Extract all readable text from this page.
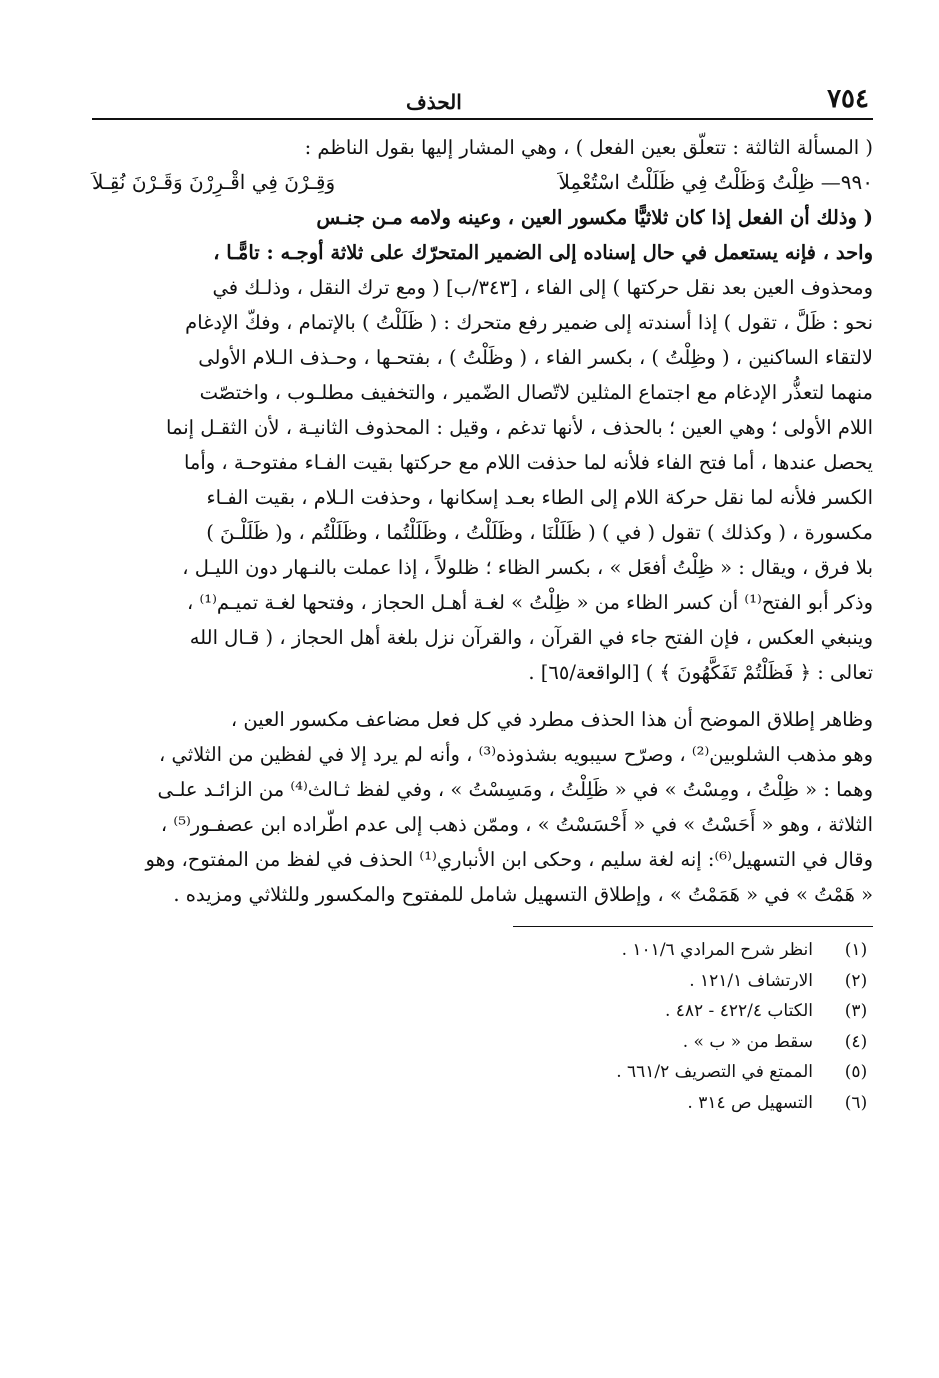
٧٥٤
الحذف
( المسألة الثالثة : تتعلّق بعين الفعل ) ، وهي المشار إليها بقول الناظم :
٩٩٠— ظِلْتُ وَظَلْتُ فِي ظَلَلْتُ اسْتُعْمِلاَ
وَقِـرْنَ فِي اقْـرِرْنَ وَقَـرْنَ نُقِـلاَ
( وذلك أن الفعل إذا كان ثلاثيًّا مكسور العين ، وعينه ولامه مـن جنـس
واحد ، فإنه يستعمل في حال إسناده إلى الضمير المتحرّك على ثلاثة أوجـه : تامًّـا ،
ومحذوف العين بعد نقل حركتها ) إلى الفاء ، [٣٤٣/ب] ( ومع ترك النقل ، وذلـك في
نحو : ظَلَّ ، تقول ) إذا أسندته إلى ضمير رفع متحرك : ( ظَلَلْتُ ) بالإتمام ، وفكّ الإدغام
لالتقاء الساكنين ، ( وظِلْتُ ) ، بكسر الفاء ، ( وظَلْتُ ) ، بفتحـها ، وحـذف الـلام الأولى
منهما لتعذُّر الإدغام مع اجتماع المثلين لاتّصال الضّمير ، والتخفيف مطلـوب ، واختصّت
اللام الأولى ؛ وهي العين ؛ بالحذف ، لأنها تدغم ، وقيل : المحذوف الثانيـة ، لأن الثقـل إنما
يحصل عندها ، أما فتح الفاء فلأنه لما حذفت اللام مع حركتها بقيت الفـاء مفتوحـة ، وأما
الكسر فلأنه لما نقل حركة اللام إلى الطاء بعـد إسكانها ، وحذفت الـلام ، بقيت الفـاء
مكسورة ، ( وكذلك ) تقول ( في ) ( ظَلَلْنَا ، وظَلَلْتُ ، وظَلَلْتُما ، وظَلَلْتُم ، و( ظَلَلْـنَ )
بلا فرق ، ويقال : « ظِلْتُ أفعَل » ، بكسر الظاء ؛ ظلولاً ، إذا عملت بالنـهار دون الليـل ،
وذكر أبو الفتح⁽¹⁾ أن كسر الظاء من « ظِلْتُ » لغـة أهـل الحجاز ، وفتحها لغـة تميـم⁽¹⁾ ،
وينبغي العكس ، فإن الفتح جاء في القرآن ، والقرآن نزل بلغة أهل الحجاز ، ( قـال الله
تعالى : ﴿ فَظَلْتُمْ تَفَكَّهُونَ ﴾ ) [الواقعة/٦٥] .
وظاهر إطلاق الموضح أن هذا الحذف مطرد في كل فعل مضاعف مكسور العين ،
وهو مذهب الشلوبين⁽²⁾ ، وصرّح سيبويه بشذوذه⁽³⁾ ، وأنه لم يرد إلا في لفظين من الثلاثي ،
وهما : « ظِلْتُ ، ومِسْتُ » في « ظَلِلْتُ ، ومَسِسْتُ » ، وفي لفظ ثـالث⁽⁴⁾ من الزائـد علـى
الثلاثة ، وهو « أَحَسْتُ » في « أَحْسَسْتُ » ، وممّن ذهب إلى عدم اطّراده ابن عصفـور⁽⁵⁾ ،
وقال في التسهيل⁽⁶⁾: إنه لغة سليم ، وحكى ابن الأنباري⁽¹⁾ الحذف في لفظ من المفتوح، وهو
« هَمْتُ » في « هَمَمْتُ » ، وإطلاق التسهيل شامل للمفتوح والمكسور وللثلاثي ومزيده .
(١)
انظر شرح المرادي ١٠١/٦ .
(٢)
الارتشاف ١٢١/١ .
(٣)
الكتاب ٤٢٢/٤ - ٤٨٢ .
(٤)
سقط من « ب » .
(٥)
الممتع في التصريف ٦٦١/٢ .
(٦)
التسهيل ص ٣١٤ .
